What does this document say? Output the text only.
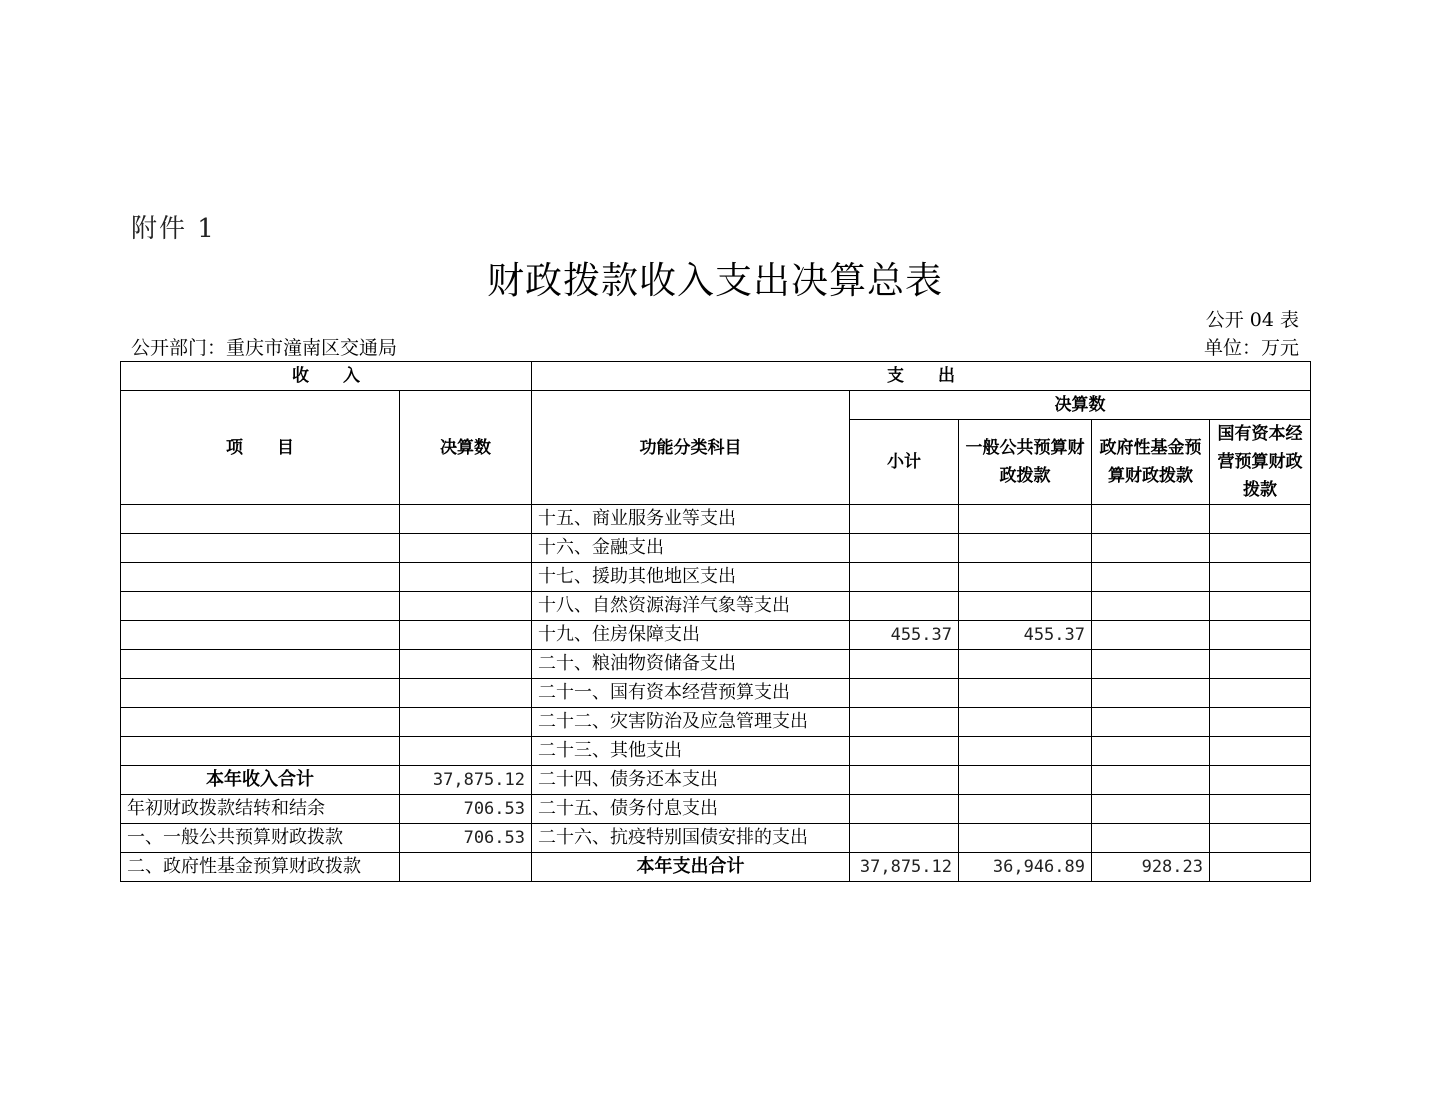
附件 1
财政拨款收入支出决算总表
公开 04 表
公开部门：重庆市潼南区交通局	单位：万元
收　　入		支　　出				
项　　目	决算数	功能分类科目	决算数			
			小计	一般公共预算财政拨款	政府性基金预算财政拨款	国有资本经营预算财政拨款
		十五、商业服务业等支出				
		十六、金融支出				
		十七、援助其他地区支出				
		十八、自然资源海洋气象等支出				
		十九、住房保障支出	455.37	455.37		
		二十、粮油物资储备支出				
		二十一、国有资本经营预算支出				
		二十二、灾害防治及应急管理支出				
		二十三、其他支出				
本年收入合计	37,875.12	二十四、债务还本支出				
年初财政拨款结转和结余	706.53	二十五、债务付息支出				
一、一般公共预算财政拨款	706.53	二十六、抗疫特别国债安排的支出				
二、政府性基金预算财政拨款		本年支出合计	37,875.12	36,946.89	928.23	
